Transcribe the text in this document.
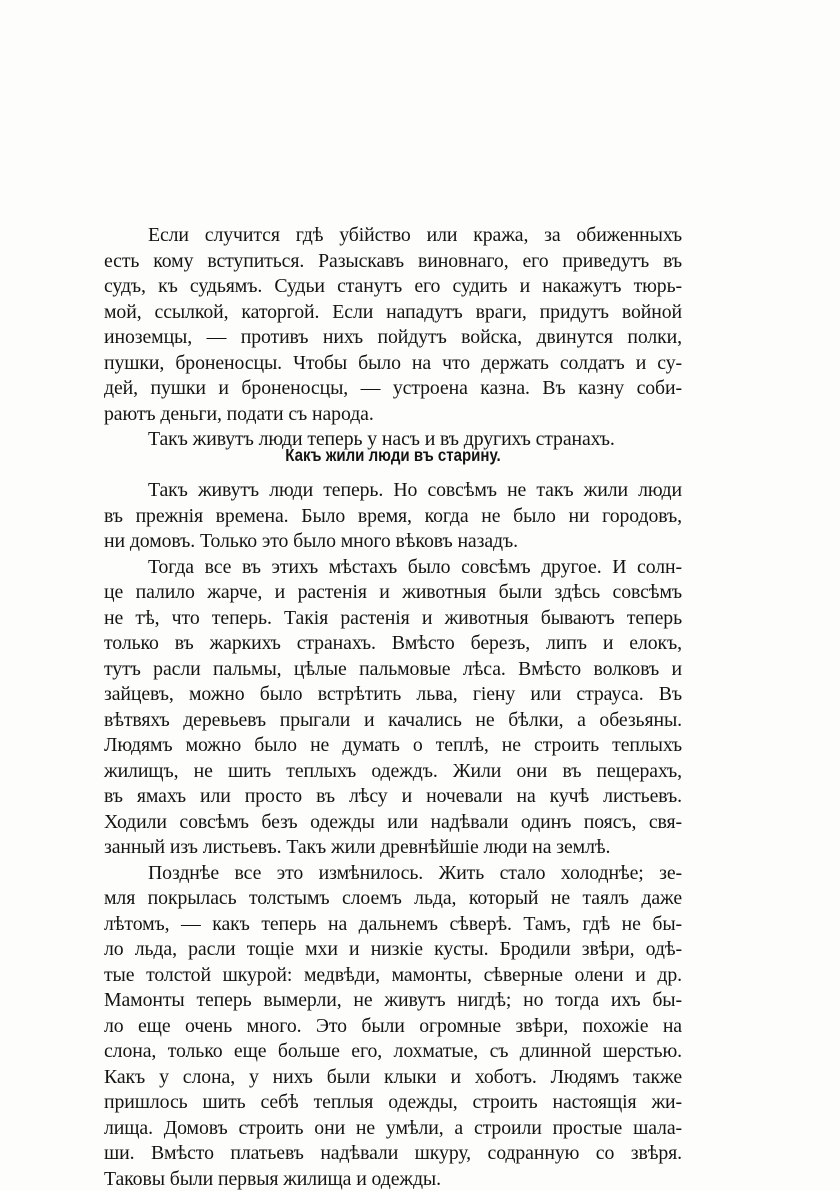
Если случится гдѣ убійство или кража, за обиженныхъ
есть кому вступиться. Разыскавъ виновнаго, его приведутъ въ
судъ, къ судьямъ. Судьи станутъ его судить и накажутъ тюрь-
мой, ссылкой, каторгой. Если нападутъ враги, придутъ войной
иноземцы, — противъ нихъ пойдутъ войска, двинутся полки,
пушки, броненосцы. Чтобы было на что держать солдатъ и су-
дей, пушки и броненосцы, — устроена казна. Въ казну соби-
раютъ деньги, подати съ народа.
Такъ живутъ люди теперь у насъ и въ другихъ странахъ.
Какъ жили люди въ старину.
Такъ живутъ люди теперь. Но совсѣмъ не такъ жили люди
въ прежнія времена. Было время, когда не было ни городовъ,
ни домовъ. Только это было много вѣковъ назадъ.
Тогда все въ этихъ мѣстахъ было совсѣмъ другое. И солн-
це палило жарче, и растенія и животныя были здѣсь совсѣмъ
не тѣ, что теперь. Такія растенія и животныя бываютъ теперь
только въ жаркихъ странахъ. Вмѣсто березъ, липъ и елокъ,
тутъ расли пальмы, цѣлые пальмовые лѣса. Вмѣсто волковъ и
зайцевъ, можно было встрѣтить льва, гіену или страуса. Въ
вѣтвяхъ деревьевъ прыгали и качались не бѣлки, а обезьяны.
Людямъ можно было не думать о теплѣ, не строить теплыхъ
жилищъ, не шить теплыхъ одеждъ. Жили они въ пещерахъ,
въ ямахъ или просто въ лѣсу и ночевали на кучѣ листьевъ.
Ходили совсѣмъ безъ одежды или надѣвали одинъ поясъ, свя-
занный изъ листьевъ. Такъ жили древнѣйшіе люди на землѣ.
Позднѣе все это измѣнилось. Жить стало холоднѣе; зе-
мля покрылась толстымъ слоемъ льда, который не таялъ даже
лѣтомъ, — какъ теперь на дальнемъ сѣверѣ. Тамъ, гдѣ не бы-
ло льда, расли тощіе мхи и низкіе кусты. Бродили звѣри, одѣ-
тые толстой шкурой: медвѣди, мамонты, сѣверные олени и др.
Мамонты теперь вымерли, не живутъ нигдѣ; но тогда ихъ бы-
ло еще очень много. Это были огромные звѣри, похожіе на
слона, только еще больше его, лохматые, съ длинной шерстью.
Какъ у слона, у нихъ были клыки и хоботъ. Людямъ также
пришлось шить себѣ теплыя одежды, строить настоящія жи-
лища. Домовъ строить они не умѣли, а строили простые шала-
ши. Вмѣсто платьевъ надѣвали шкуру, содранную со звѣря.
Таковы были первыя жилища и одежды.
